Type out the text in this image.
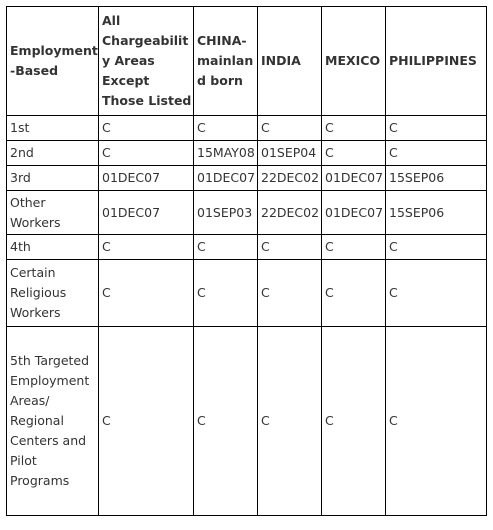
Employment-Based	All Chargeability Areas Except Those Listed	CHINA-mainland born	INDIA	MEXICO	PHILIPPINES
1st	C	C	C	C	C
2nd	C	15MAY08	01SEP04	C	C
3rd	01DEC07	01DEC07	22DEC02	01DEC07	15SEP06
Other Workers	01DEC07	01SEP03	22DEC02	01DEC07	15SEP06
4th	C	C	C	C	C
Certain Religious Workers	C	C	C	C	C
5th Targeted Employment Areas/ Regional Centers and Pilot Programs	C	C	C	C	C
